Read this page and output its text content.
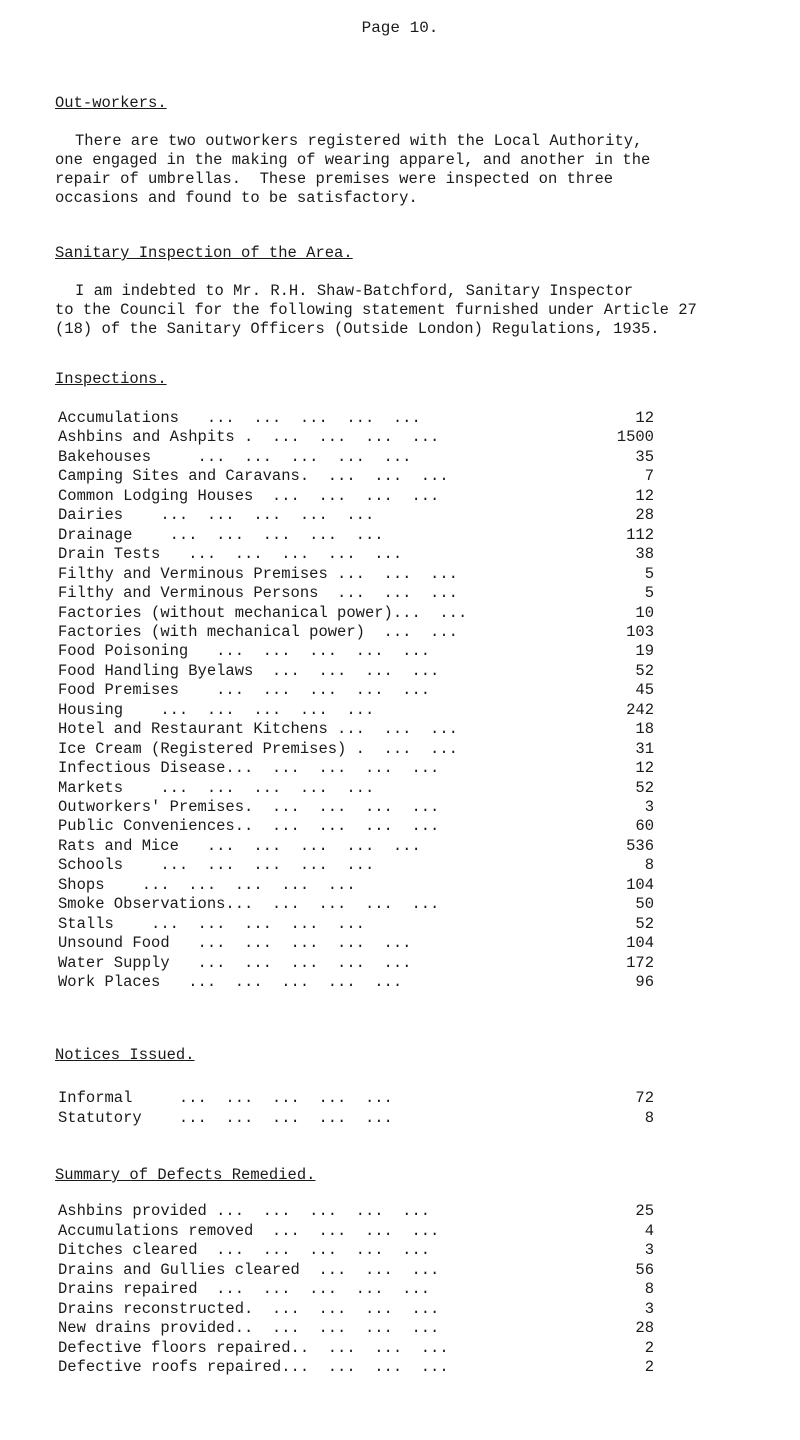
Page 10.
Out-workers.
There are two outworkers registered with the Local Authority,
one engaged in the making of wearing apparel, and another in the
repair of umbrellas.  These premises were inspected on three
occasions and found to be satisfactory.
Sanitary Inspection of the Area.
I am indebted to Mr. R.H. Shaw-Batchford, Sanitary Inspector
to the Council for the following statement furnished under Article 27
(18) of the Sanitary Officers (Outside London) Regulations, 1935.
Inspections.
Accumulations   ...  ...  ...  ...  ...	12
Ashbins and Ashpits .  ...  ...  ...  ...	1500
Bakehouses     ...  ...  ...  ...  ...	35
Camping Sites and Caravans.  ...  ...  ...	7
Common Lodging Houses  ...  ...  ...  ...	12
Dairies    ...  ...  ...  ...  ...	28
Drainage    ...  ...  ...  ...  ...	112
Drain Tests   ...  ...  ...  ...  ...	38
Filthy and Verminous Premises ...  ...  ...	5
Filthy and Verminous Persons  ...  ...  ...	5
Factories (without mechanical power)...  ...	10
Factories (with mechanical power)  ...  ...	103
Food Poisoning   ...  ...  ...  ...  ...	19
Food Handling Byelaws  ...  ...  ...  ...	52
Food Premises    ...  ...  ...  ...  ...	45
Housing    ...  ...  ...  ...  ...	242
Hotel and Restaurant Kitchens ...  ...  ...	18
Ice Cream (Registered Premises) .  ...  ...	31
Infectious Disease...  ...  ...  ...  ...	12
Markets    ...  ...  ...  ...  ...	52
Outworkers' Premises.  ...  ...  ...  ...	3
Public Conveniences..  ...  ...  ...  ...	60
Rats and Mice   ...  ...  ...  ...  ...	536
Schools    ...  ...  ...  ...  ...	8
Shops    ...  ...  ...  ...  ...	104
Smoke Observations...  ...  ...  ...  ...	50
Stalls    ...  ...  ...  ...  ...	52
Unsound Food   ...  ...  ...  ...  ...	104
Water Supply   ...  ...  ...  ...  ...	172
Work Places   ...  ...  ...  ...  ...	96
Notices Issued.
Informal     ...  ...  ...  ...  ...	72
Statutory    ...  ...  ...  ...  ...	8
Summary of Defects Remedied.
Ashbins provided ...  ...  ...  ...  ...	25
Accumulations removed  ...  ...  ...  ...	4
Ditches cleared  ...  ...  ...  ...  ...	3
Drains and Gullies cleared  ...  ...  ...	56
Drains repaired  ...  ...  ...  ...  ...	8
Drains reconstructed.  ...  ...  ...  ...	3
New drains provided..  ...  ...  ...  ...	28
Defective floors repaired..  ...  ...  ...	2
Defective roofs repaired...  ...  ...  ...	2
